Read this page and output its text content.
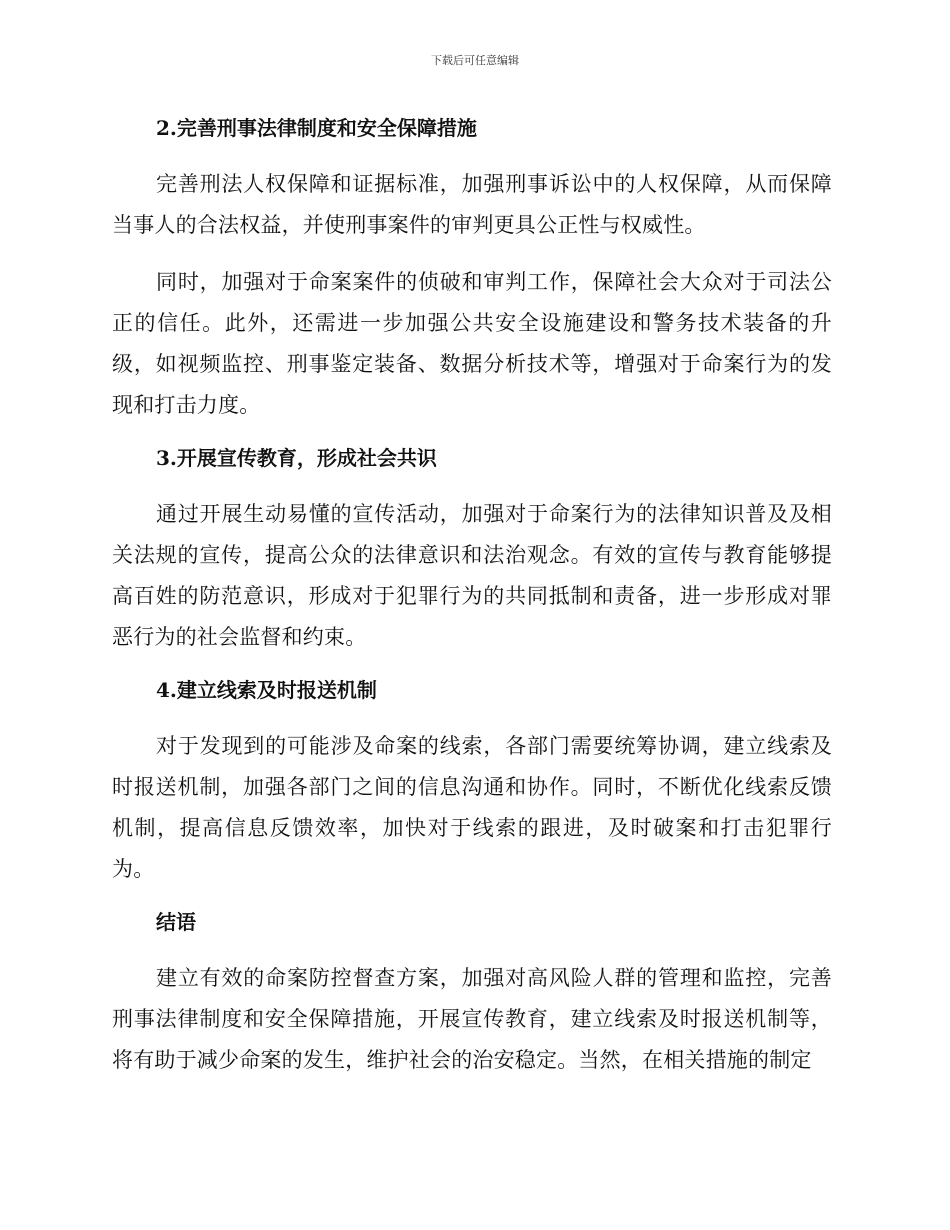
下载后可任意编辑
2.完善刑事法律制度和安全保障措施

完善刑法人权保障和证据标准，加强刑事诉讼中的人权保障，从而保障当事人的合法权益，并使刑事案件的审判更具公正性与权威性。

同时，加强对于命案案件的侦破和审判工作，保障社会大众对于司法公正的信任。此外，还需进一步加强公共安全设施建设和警务技术装备的升级，如视频监控、刑事鉴定装备、数据分析技术等，增强对于命案行为的发现和打击力度。

3.开展宣传教育，形成社会共识

通过开展生动易懂的宣传活动，加强对于命案行为的法律知识普及及相关法规的宣传，提高公众的法律意识和法治观念。有效的宣传与教育能够提高百姓的防范意识，形成对于犯罪行为的共同抵制和责备，进一步形成对罪恶行为的社会监督和约束。

4.建立线索及时报送机制

对于发现到的可能涉及命案的线索，各部门需要统筹协调，建立线索及时报送机制，加强各部门之间的信息沟通和协作。同时，不断优化线索反馈机制，提高信息反馈效率，加快对于线索的跟进，及时破案和打击犯罪行为。

结语

建立有效的命案防控督查方案，加强对高风险人群的管理和监控，完善刑事法律制度和安全保障措施，开展宣传教育，建立线索及时报送机制等，将有助于减少命案的发生，维护社会的治安稳定。当然，在相关措施的制定
